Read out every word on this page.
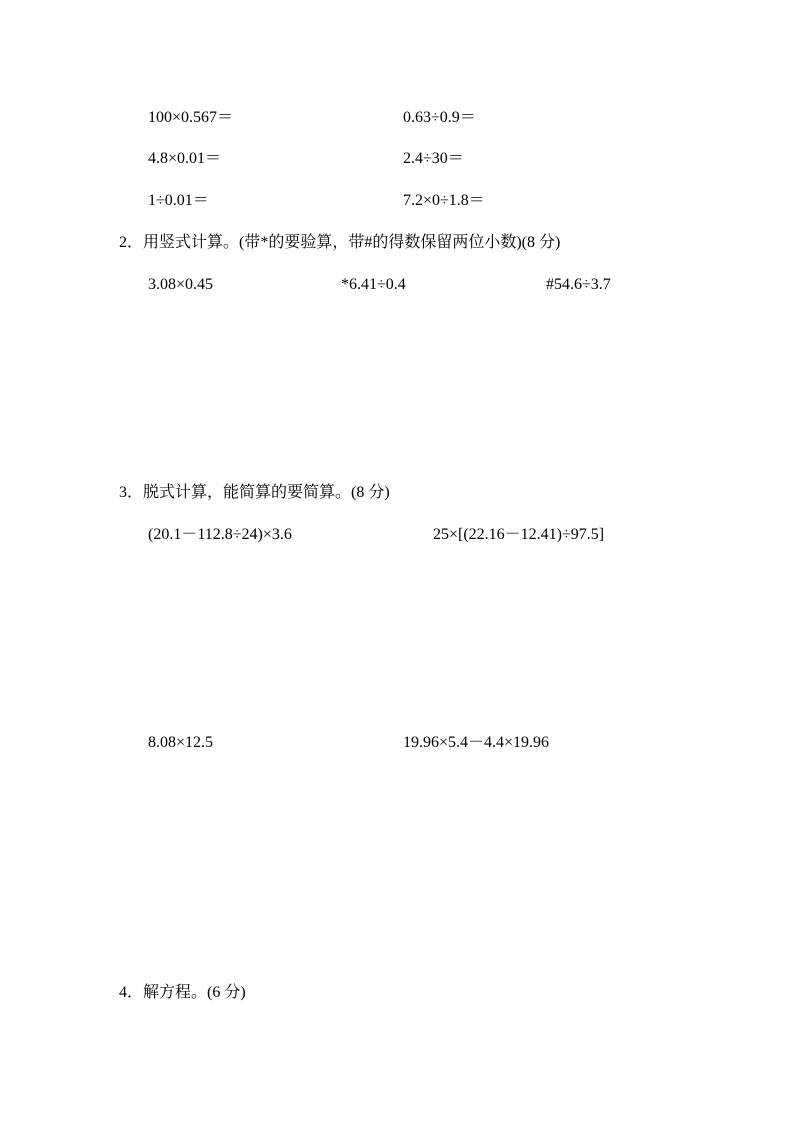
100×0.567＝	0.63÷0.9＝
4.8×0.01＝	2.4÷30＝
1÷0.01＝	7.2×0÷1.8＝
2．用竖式计算。(带*的要验算，带#的得数保留两位小数)(8 分)
3.08×0.45	*6.41÷0.4	#54.6÷3.7
3．脱式计算，能简算的要简算。(8 分)
(20.1－112.8÷24)×3.6	25×[(22.16－12.41)÷97.5]
8.08×12.5	19.96×5.4－4.4×19.96
4．解方程。(6 分)
